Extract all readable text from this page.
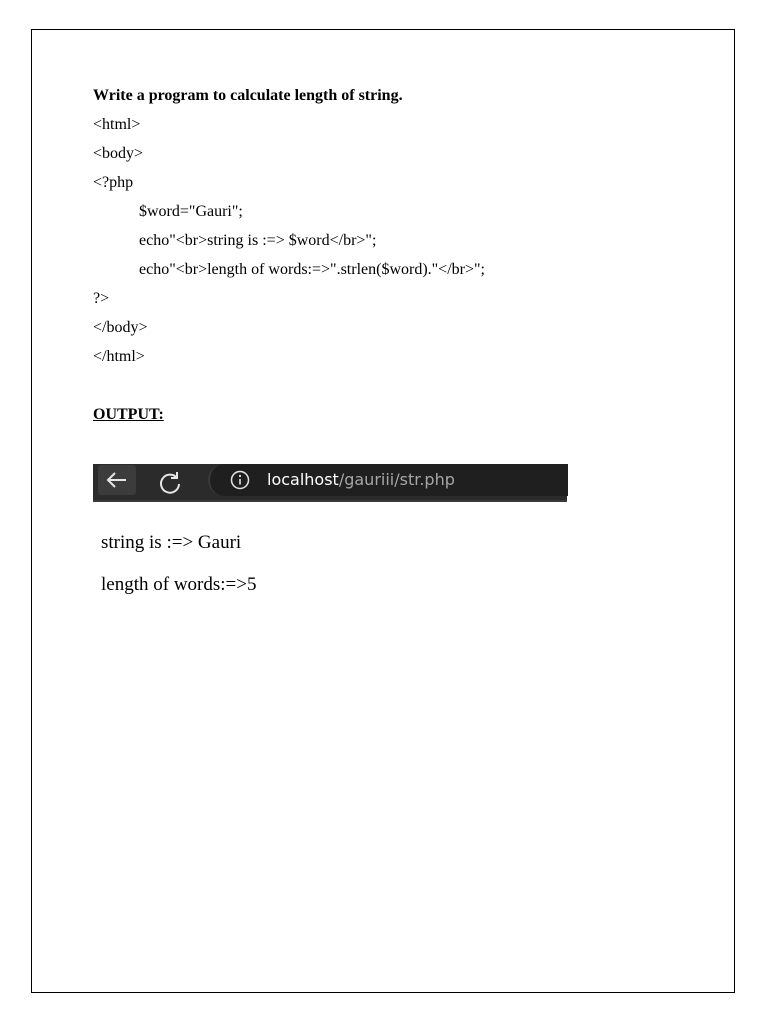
Write a program to calculate length of string.
<html>
<body>
<?php
$word="Gauri";
echo"<br>string is :=> $word</br>";
echo"<br>length of words:=>".strlen($word)."</br>";
?>
</body>
</html>
OUTPUT:
localhost/gauriii/str.php
string is :=> Gauri
length of words:=>5
